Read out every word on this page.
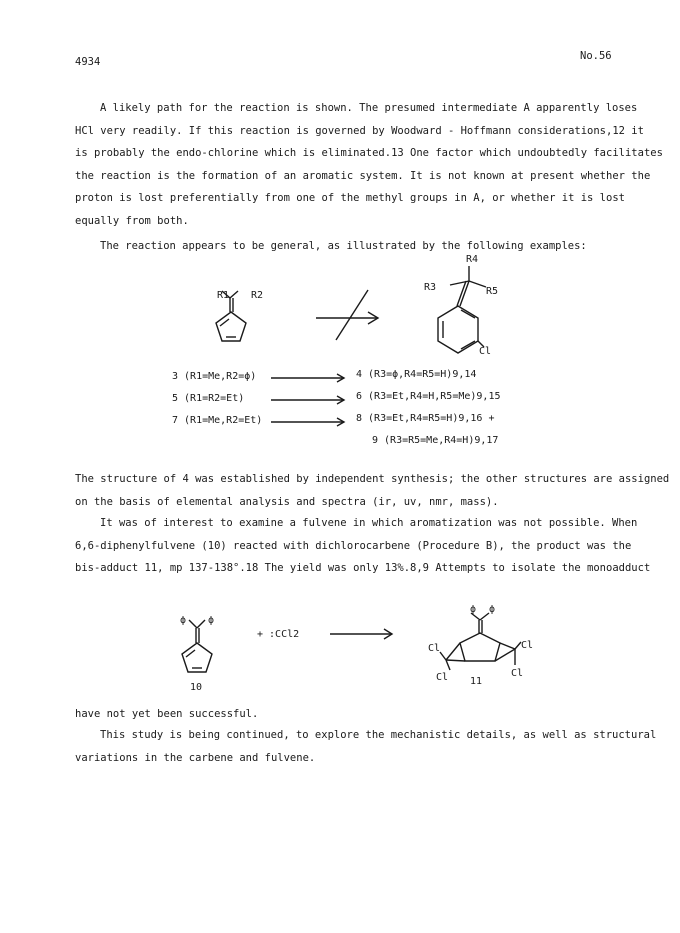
4934	No.56
A likely path for the reaction is shown. The presumed intermediate A apparently loses
HCl very readily. If this reaction is governed by Woodward - Hoffmann considerations,12 it
is probably the endo-chlorine which is eliminated.13 One factor which undoubtedly facilitates
the reaction is the formation of an aromatic system. It is not known at present whether the
proton is lost preferentially from one of the methyl groups in A, or whether it is lost
equally from both.
The reaction appears to be general, as illustrated by the following examples:
R1 R2
R4
R3	R5
Cl
ϕ ϕ
10
+ :CCl2
ϕ ϕ
Cl
Cl
Cl
Cl
11
3 (R1=Me,R2=ϕ)
5 (R1=R2=Et)
7 (R1=Me,R2=Et)
4 (R3=ϕ,R4=R5=H)9,14
6 (R3=Et,R4=H,R5=Me)9,15
8 (R3=Et,R4=R5=H)9,16 +
9 (R3=R5=Me,R4=H)9,17
The structure of 4 was established by independent synthesis; the other structures are assigned
on the basis of elemental analysis and spectra (ir, uv, nmr, mass).
It was of interest to examine a fulvene in which aromatization was not possible. When
6,6-diphenylfulvene (10) reacted with dichlorocarbene (Procedure B), the product was the
bis-adduct 11, mp 137-138°.18 The yield was only 13%.8,9 Attempts to isolate the monoadduct
have not yet been successful.
This study is being continued, to explore the mechanistic details, as well as structural
variations in the carbene and fulvene.
